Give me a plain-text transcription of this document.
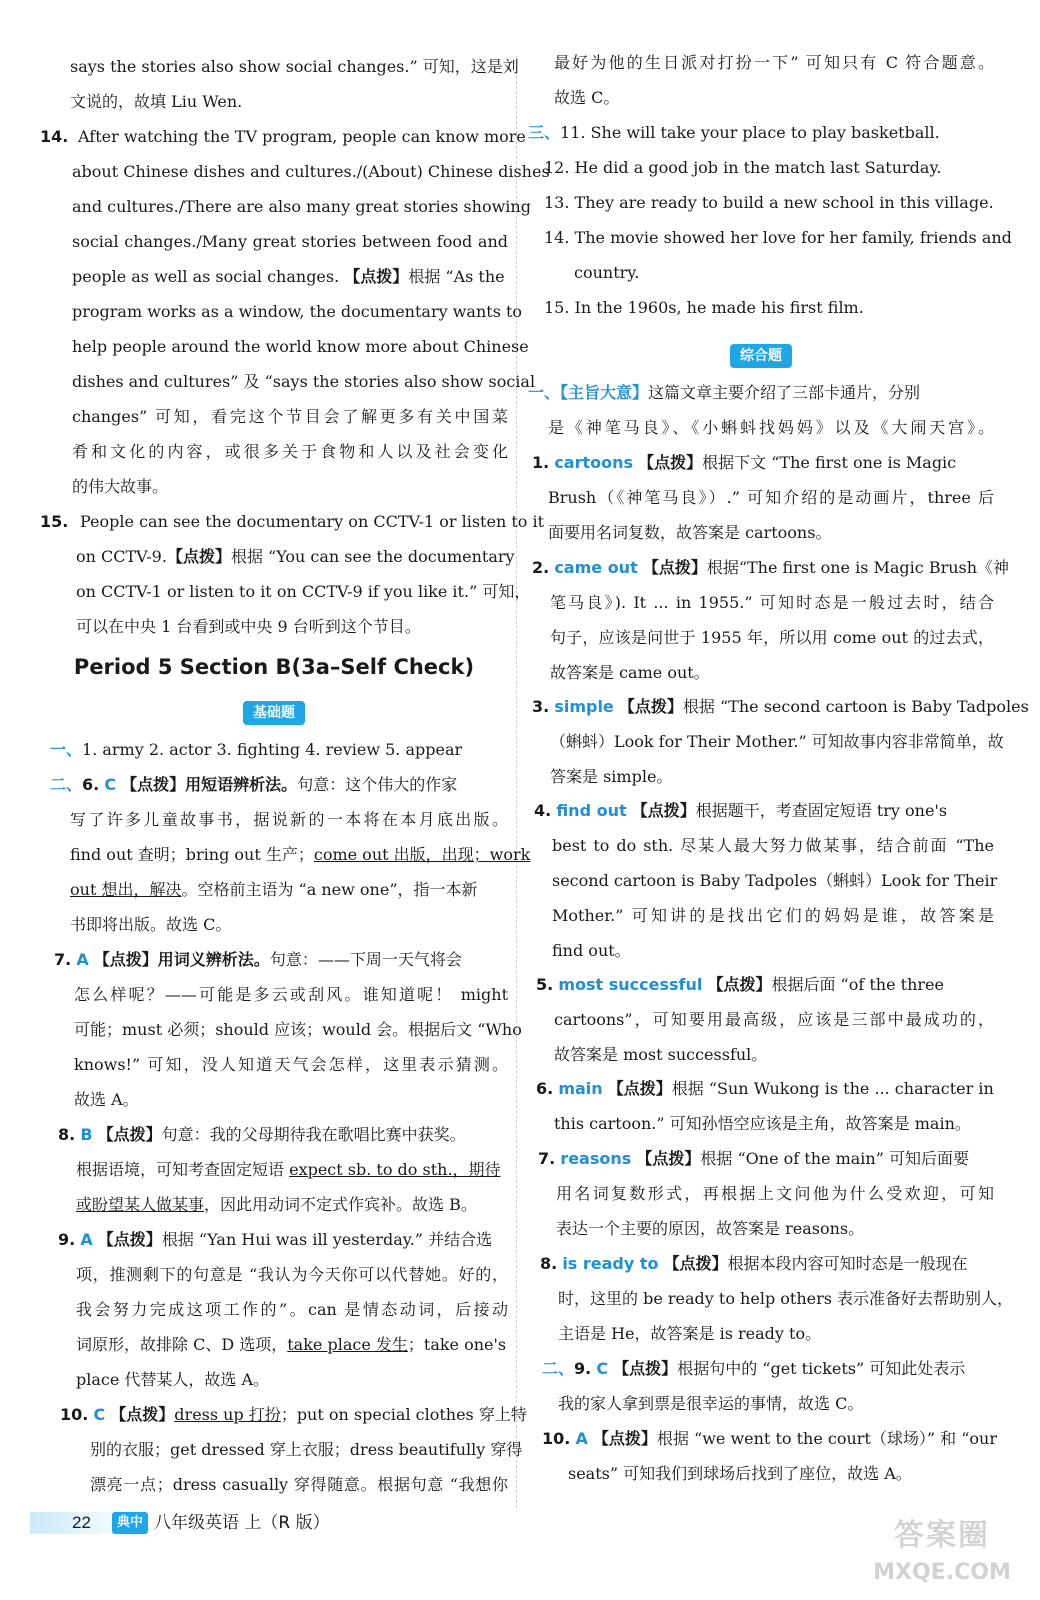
says the stories also show social changes.” 可知，这是刘
文说的，故填 Liu Wen.
14. After watching the TV program, people can know more
about Chinese dishes and cultures./(About) Chinese dishes
and cultures./There are also many great stories showing
social changes./Many great stories between food and
people as well as social changes. 【点拨】根据 “As the
program works as a window, the documentary wants to
help people around the world know more about Chinese
dishes and cultures” 及 “says the stories also show social
changes” 可知，看完这个节目会了解更多有关中国菜
肴和文化的内容，或很多关于食物和人以及社会变化
的伟大故事。
15. People can see the documentary on CCTV-1 or listen to it
on CCTV-9.【点拨】根据 “You can see the documentary
on CCTV-1 or listen to it on CCTV-9 if you like it.” 可知，
可以在中央 1 台看到或中央 9 台听到这个节目。
Period 5 Section B(3a–Self Check)
基础题
一、1. army 2. actor 3. fighting 4. review 5. appear
二、6. C 【点拨】用短语辨析法。句意：这个伟大的作家
写了许多儿童故事书，据说新的一本将在本月底出版。
find out 查明；bring out 生产；come out 出版，出现；work
out 想出，解决。空格前主语为 “a new one”，指一本新
书即将出版。故选 C。
7. A 【点拨】用词义辨析法。句意：——下周一天气将会
怎么样呢？——可能是多云或刮风。谁知道呢！ might
可能；must 必须；should 应该；would 会。根据后文 “Who
knows!” 可知，没人知道天气会怎样，这里表示猜测。
故选 A。
8. B 【点拨】句意：我的父母期待我在歌唱比赛中获奖。
根据语境，可知考查固定短语 expect sb. to do sth.，期待
或盼望某人做某事，因此用动词不定式作宾补。故选 B。
9. A 【点拨】根据 “Yan Hui was ill yesterday.” 并结合选
项，推测剩下的句意是 “我认为今天你可以代替她。好的，
我会努力完成这项工作的”。can 是情态动词，后接动
词原形，故排除 C、D 选项，take place 发生；take one's
place 代替某人，故选 A。
10. C 【点拨】dress up 打扮；put on special clothes 穿上特
别的衣服；get dressed 穿上衣服；dress beautifully 穿得
漂亮一点；dress casually 穿得随意。根据句意 “我想你
最好为他的生日派对打扮一下” 可知只有 C 符合题意。
故选 C。
三、11. She will take your place to play basketball.
12. He did a good job in the match last Saturday.
13. They are ready to build a new school in this village.
14. The movie showed her love for her family, friends and
country.
15. In the 1960s, he made his first film.
综合题
一、【主旨大意】这篇文章主要介绍了三部卡通片，分别
是《神笔马良》、《小蝌蚪找妈妈》以及《大闹天宫》。
1. cartoons 【点拨】根据下文 “The first one is Magic
Brush（《神笔马良》）.” 可知介绍的是动画片，three 后
面要用名词复数，故答案是 cartoons。
2. came out 【点拨】根据“The first one is Magic Brush《神
笔马良》). It ... in 1955.” 可知时态是一般过去时，结合
句子，应该是问世于 1955 年，所以用 come out 的过去式，
故答案是 came out。
3. simple 【点拨】根据 “The second cartoon is Baby Tadpoles
（蝌蚪）Look for Their Mother.” 可知故事内容非常简单，故
答案是 simple。
4. find out 【点拨】根据题干，考查固定短语 try one's
best to do sth. 尽某人最大努力做某事，结合前面 “The
second cartoon is Baby Tadpoles（蝌蚪）Look for Their
Mother.” 可知讲的是找出它们的妈妈是谁，故答案是
find out。
5. most successful 【点拨】根据后面 “of the three
cartoons”，可知要用最高级，应该是三部中最成功的，
故答案是 most successful。
6. main 【点拨】根据 “Sun Wukong is the ... character in
this cartoon.” 可知孙悟空应该是主角，故答案是 main。
7. reasons 【点拨】根据 “One of the main” 可知后面要
用名词复数形式，再根据上文问他为什么受欢迎，可知
表达一个主要的原因，故答案是 reasons。
8. is ready to 【点拨】根据本段内容可知时态是一般现在
时，这里的 be ready to help others 表示准备好去帮助别人，
主语是 He，故答案是 is ready to。
二、9. C 【点拨】根据句中的 “get tickets” 可知此处表示
我的家人拿到票是很幸运的事情，故选 C。
10. A 【点拨】根据 “we went to the court（球场）” 和 “our
seats” 可知我们到球场后找到了座位，故选 A。
22	典中 八年级英语 上（R 版）	答案圈
MXQE.COM
